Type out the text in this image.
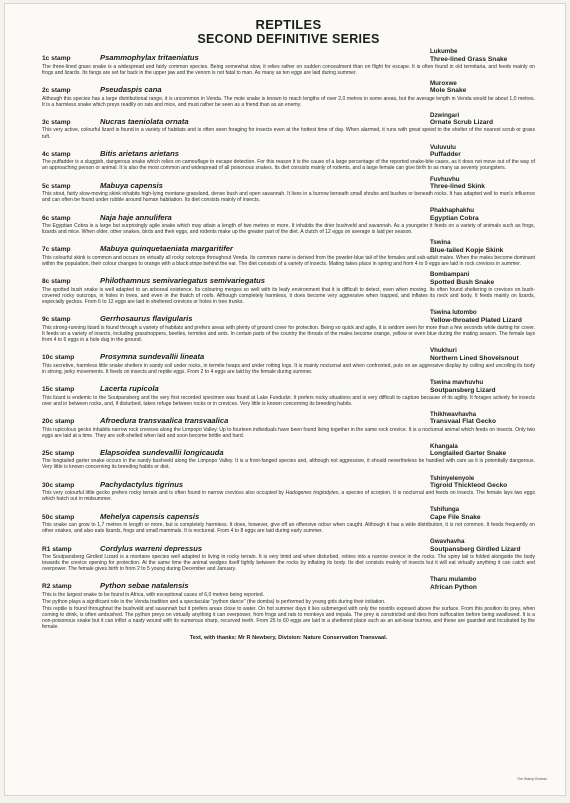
REPTILES
SECOND DEFINITIVE SERIES
1c stamp	Psammophylax tritaeniatus
Lukumbe
Three-lined Grass Snake
The three-lined grass snake is a widespread and fairly common species. Being somewhat slow, it relies rather on sudden concealment than on flight for escape. It is often found in old termitaria, and feeds mainly on frogs and lizards. Its fangs are set far back in the upper jaw and the venom is not fatal to man. As many as ten eggs are laid during summer.
2c stamp	Pseudaspis cana
Muroxwe
Mole Snake
Although this species has a large distributional range, it is uncommon in Venda. The mole snake is known to reach lengths of over 2,0 metres in some areas, but the average length in Venda would be about 1,0 metres. It is a harmless snake which preys readily on rats and mice, and must rather be seen as a friend than as an enemy.
3c stamp	Nucras taeniolata ornata
Dzwingari
Ornate Scrub Lizard
This very active, colourful lizard is found in a variety of habitats and is often seen foraging for insects even at the hottest time of day. When alarmed, it runs with great speed to the shelter of the nearest scrub or grass tuft.
4c stamp	Bitis arietans arietans
Vuluvulu
Puffadder
The puffadder is a sluggish, dangerous snake which relies on camouflage to escape detection. For this reason it is the cause of a large percentage of the reported snake-bite cases, as it does not move out of the way of an approaching person or animal. It is also the most common and widespread of all poisonous snakes. Its diet consists mainly of rodents, and a large female can give birth to as many as seventy youngsters.
5c stamp	Mabuya capensis
Fuvhuvhu
Three-lined Skink
This stout, fairly slow-moving skink inhabits high-lying montane grassland, dense bush and open savannah. It lives in a burrow beneath small shrubs and bushes or beneath rocks. It has adapted well to man's influence and can often be found under rubble around human habitation. Its diet consists mainly of insects.
6c stamp	Naja haje annulifera
Phakhaphakhu
Egyptian Cobra
The Egyptian Cobra is a large but surprisingly agile snake which may attain a length of two metres or more. It inhabits the drier bushveld and savannah. As a youngster it feeds on a variety of animals such as frogs, lizards and mice. When older, other snakes, birds and their eggs, and rodents make up the greater part of the diet. A clutch of 12 eggs on average is laid per season.
7c stamp	Mabuya quinquetaeniata margaritifer
Tswina
Blue-tailed Kopje Skink
This colourful skink is common and occurs on virtually all rocky outcrops throughout Venda. Its common name is derived from the powder-blue tail of the females and sub-adult males. When the males become dominant within the population, their colour changes to orange with a black stripe behind the ear. The diet consists of a variety of insects. Mating takes place in spring and from 4 to 9 eggs are laid in rock crevices in summer.
8c stamp	Philothamnus semivariegatus semivariegatus
Bombampani
Spotted Bush Snake
The spotted bush snake is well adapted to an arboreal existence. Its colouring merges so well with its leafy environment that it is difficult to detect, even when moving. Its often found sheltering in crevices on bush-covered rocky outcrops, in holes in trees, and even in the thatch of roofs. Although completely harmless, it does become very aggressive when trapped, and inflates its neck and body. It feeds mainly on lizards, especially geckos. From 6 to 12 eggs are laid in sheltered crevices or holes in tree trunks.
9c stamp	Gerrhosaurus flavigularis
Tswina lutombo
Yellow-throated Plated Lizard
This strong-running lizard is found through a variety of habitats and prefers areas with plenty of ground cover for protection. Being so quick and agile, it is seldom seen for more than a few seconds while darting for cover. It feeds on a variety of insects, including grasshoppers, beetles, termites and ants. In certain parts of the country the throats of the males become orange, yellow or even blue during the mating season. The female lays from 4 to 6 eggs in a hole dug in the ground.
10c stamp	Prosymna sundevallii lineata
Vhukhuri
Northern Lined Shovelsnout
This secretive, harmless little snake shelters in sandy soil under rocks, in termite heaps and under rotting logs. It is mainly nocturnal and when confronted, puts on an aggressive display by coiling and uncoiling its body in strong, jerky movements. It feeds on insects and reptile eggs. From 2 to 4 eggs are laid by the female during summer.
15c stamp	Lacerta rupicola
Tswina mavhuvhu
Soutpansberg Lizard
This lizard is endemic to the Soutpansberg and the very first recorded specimen was found at Lake Fundudzi. It prefers rocky situations and is very difficult to capture because of its agility. It forages actively for insects over and in between rocks, and, if disturbed, takes refuge between rocks or in crevices. Very little is known concerning its breeding habits.
20c stamp	Afroedura transvaalica transvaalica
Thikhwavhavha
Transvaal Flat Gecko
This rupicolous gecko inhabits narrow rock crevices along the Limpopo Valley. Up to fourteen individuals have been found living together in the same rock crevice. It is a nocturnal animal which feeds on insects. Only two eggs are laid at a time. They are soft-shelled when laid and soon become brittle and hard.
25c stamp	Elapsoidea sundevallii longicauda
Khangala
Longtailed Garter Snake
The longtailed garter snake occurs in the sandy bushveld along the Limpopo Valley. It is a front-fanged species and, although not aggressive, it should nevertheless be handled with care as it is potentially dangerous. Very little is known concerning its breeding habits or diet.
30c stamp	Pachydactylus tigrinus
Tshinyelenyole
Tigroid Thickteod Gecko
This very colourful little gecko prefers rocky terrain and is often found in narrow crevices also occupied by Hadogenes troglodytes, a species of scorpion. It is nocturnal and feeds on insects. The female lays two eggs which hatch out in midsummer.
50c stamp	Mehelya capensis capensis
Tshifunga
Cape File Snake
This snake can grow to 1,7 metres in length or more, but is completely harmless. It does, however, give off an offensive odour when caught. Although it has a wide distribution, it is not common. It feeds frequently on other snakes, and also eats lizards, frogs and small mammals. It is nocturnal. From 4 to 8 eggs are laid during early summer.
R1 stamp	Cordylus warreni depressus
Gwavhavha
Soutpansberg Girdled Lizard
The Soutpansberg Girdled Lizard is a montane species well adapted to living in rocky terrain. It is very timid and when disturbed, retires into a narrow crevice in the rocks. The spiny tail is folded alongside the body towards the crevice opening for protection. At the same time the animal wedges itself tightly between the rocks by inflating its body. Its diet consists mainly of insects but it will eat virtually anything it can catch and overpower. The female gives birth to from 2 to 5 young during December and January.
R2 stamp	Python sebae natalensis
Tharu mulambo
African Python
This is the largest snake to be found in Africa, with exceptional cases of 6,0 metres being reported.
The python plays a significant role in the Venda tradition and a spectacular "python dance" (the domba) is performed by young girls during their initiation.
This reptile is found throughout the bushveld and savannah but it prefers areas close to water. On hot summer days it lies submerged with only the nostrils exposed above the surface. From this position its prey, when coming to drink, is often ambushed. The python preys on virtually anything it can overpower, from frogs and rats to monkeys and impala. The prey is constricted and dies from suffocation before being swallowed. It is a non-poisonous snake but it can inflict a nasty wound with its numerous sharp, recurved teeth. From 25 to 60 eggs are laid in a sheltered place such as an ant-bear burrow, and these are guarded and incubated by the female.
Text, with thanks: Mr R Newbery, Division: Nature Conservation Transvaal.
The Stamp Bureau
